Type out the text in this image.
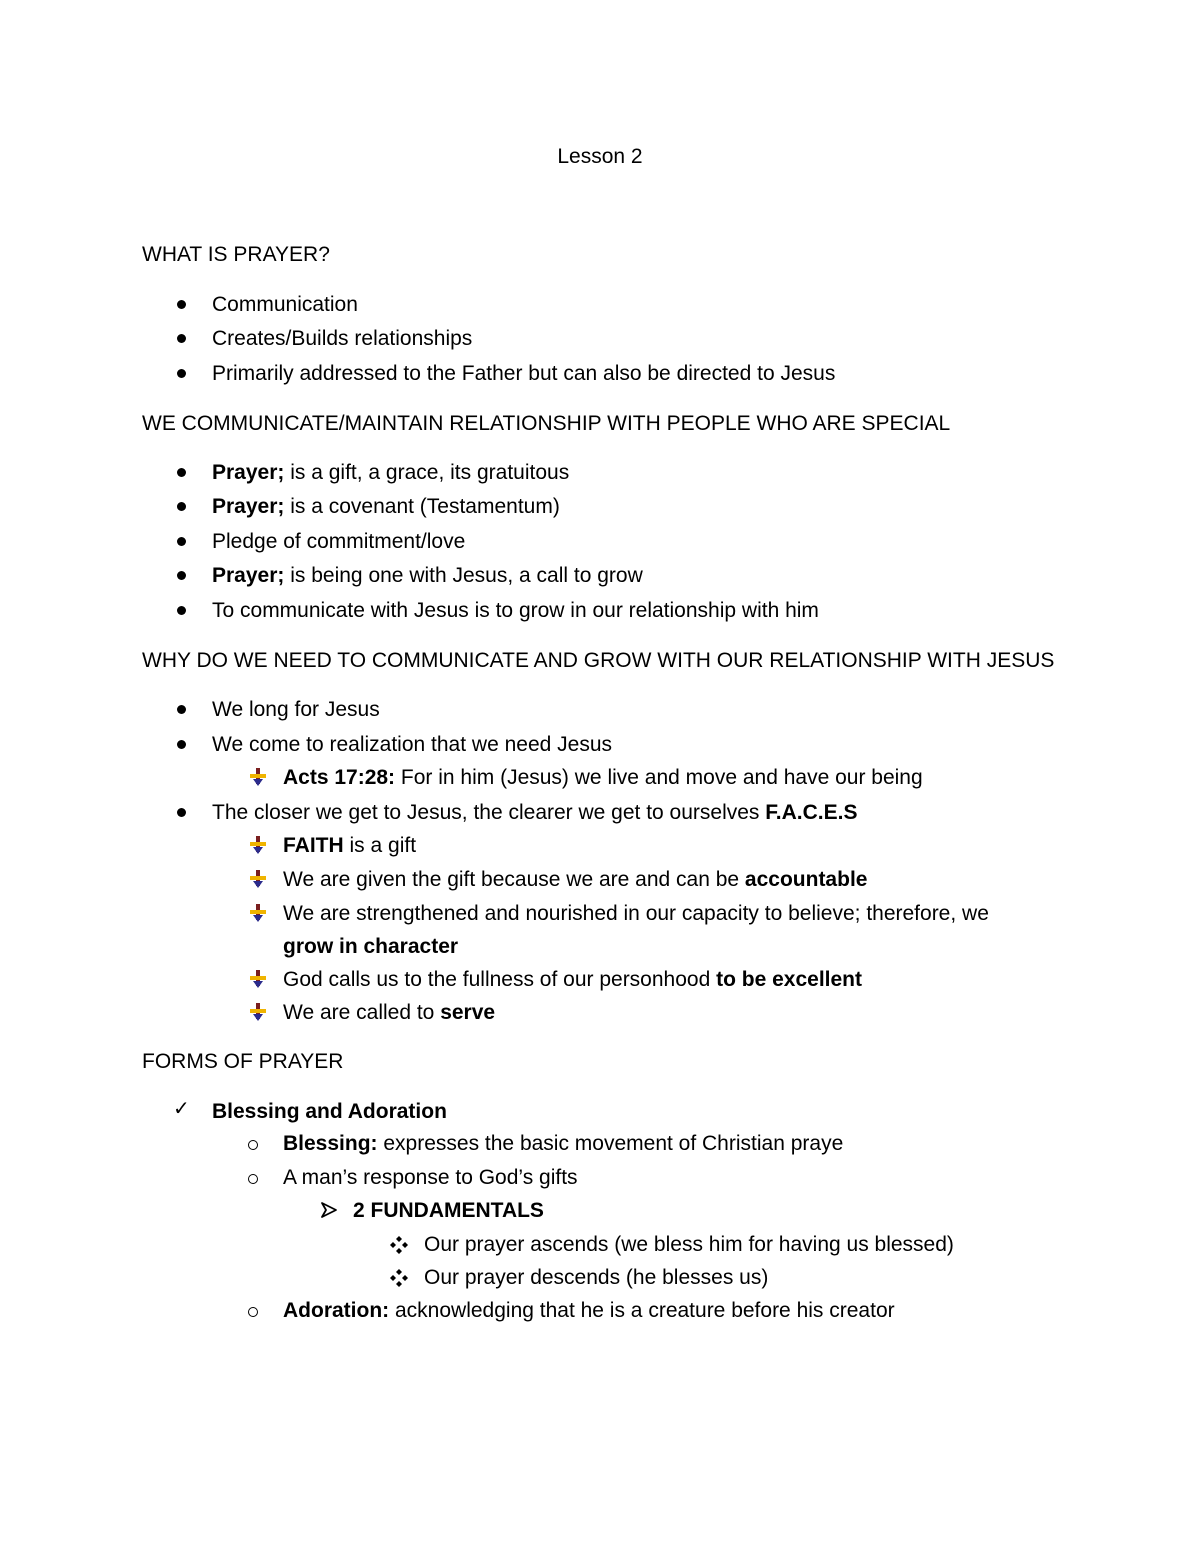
Lesson 2
WHAT IS PRAYER?
Communication
Creates/Builds relationships
Primarily addressed to the Father but can also be directed to Jesus
WE COMMUNICATE/MAINTAIN RELATIONSHIP WITH PEOPLE WHO ARE SPECIAL
Prayer; is a gift, a grace, its gratuitous
Prayer; is a covenant (Testamentum)
Pledge of commitment/love
Prayer; is being one with Jesus, a call to grow
To communicate with Jesus is to grow in our relationship with him
WHY DO WE NEED TO COMMUNICATE AND GROW WITH OUR RELATIONSHIP WITH JESUS
We long for Jesus
We come to realization that we need Jesus
Acts 17:28: For in him (Jesus) we live and move and have our being
The closer we get to Jesus, the clearer we get to ourselves F.A.C.E.S
FAITH is a gift
We are given the gift because we are and can be accountable
We are strengthened and nourished in our capacity to believe; therefore, we
grow in character
God calls us to the fullness of our personhood to be excellent
We are called to serve
FORMS OF PRAYER
✓ Blessing and Adoration
Blessing: expresses the basic movement of Christian praye
A man’s response to God’s gifts
2 FUNDAMENTALS
Our prayer ascends (we bless him for having us blessed)
Our prayer descends (he blesses us)
Adoration: acknowledging that he is a creature before his creator
